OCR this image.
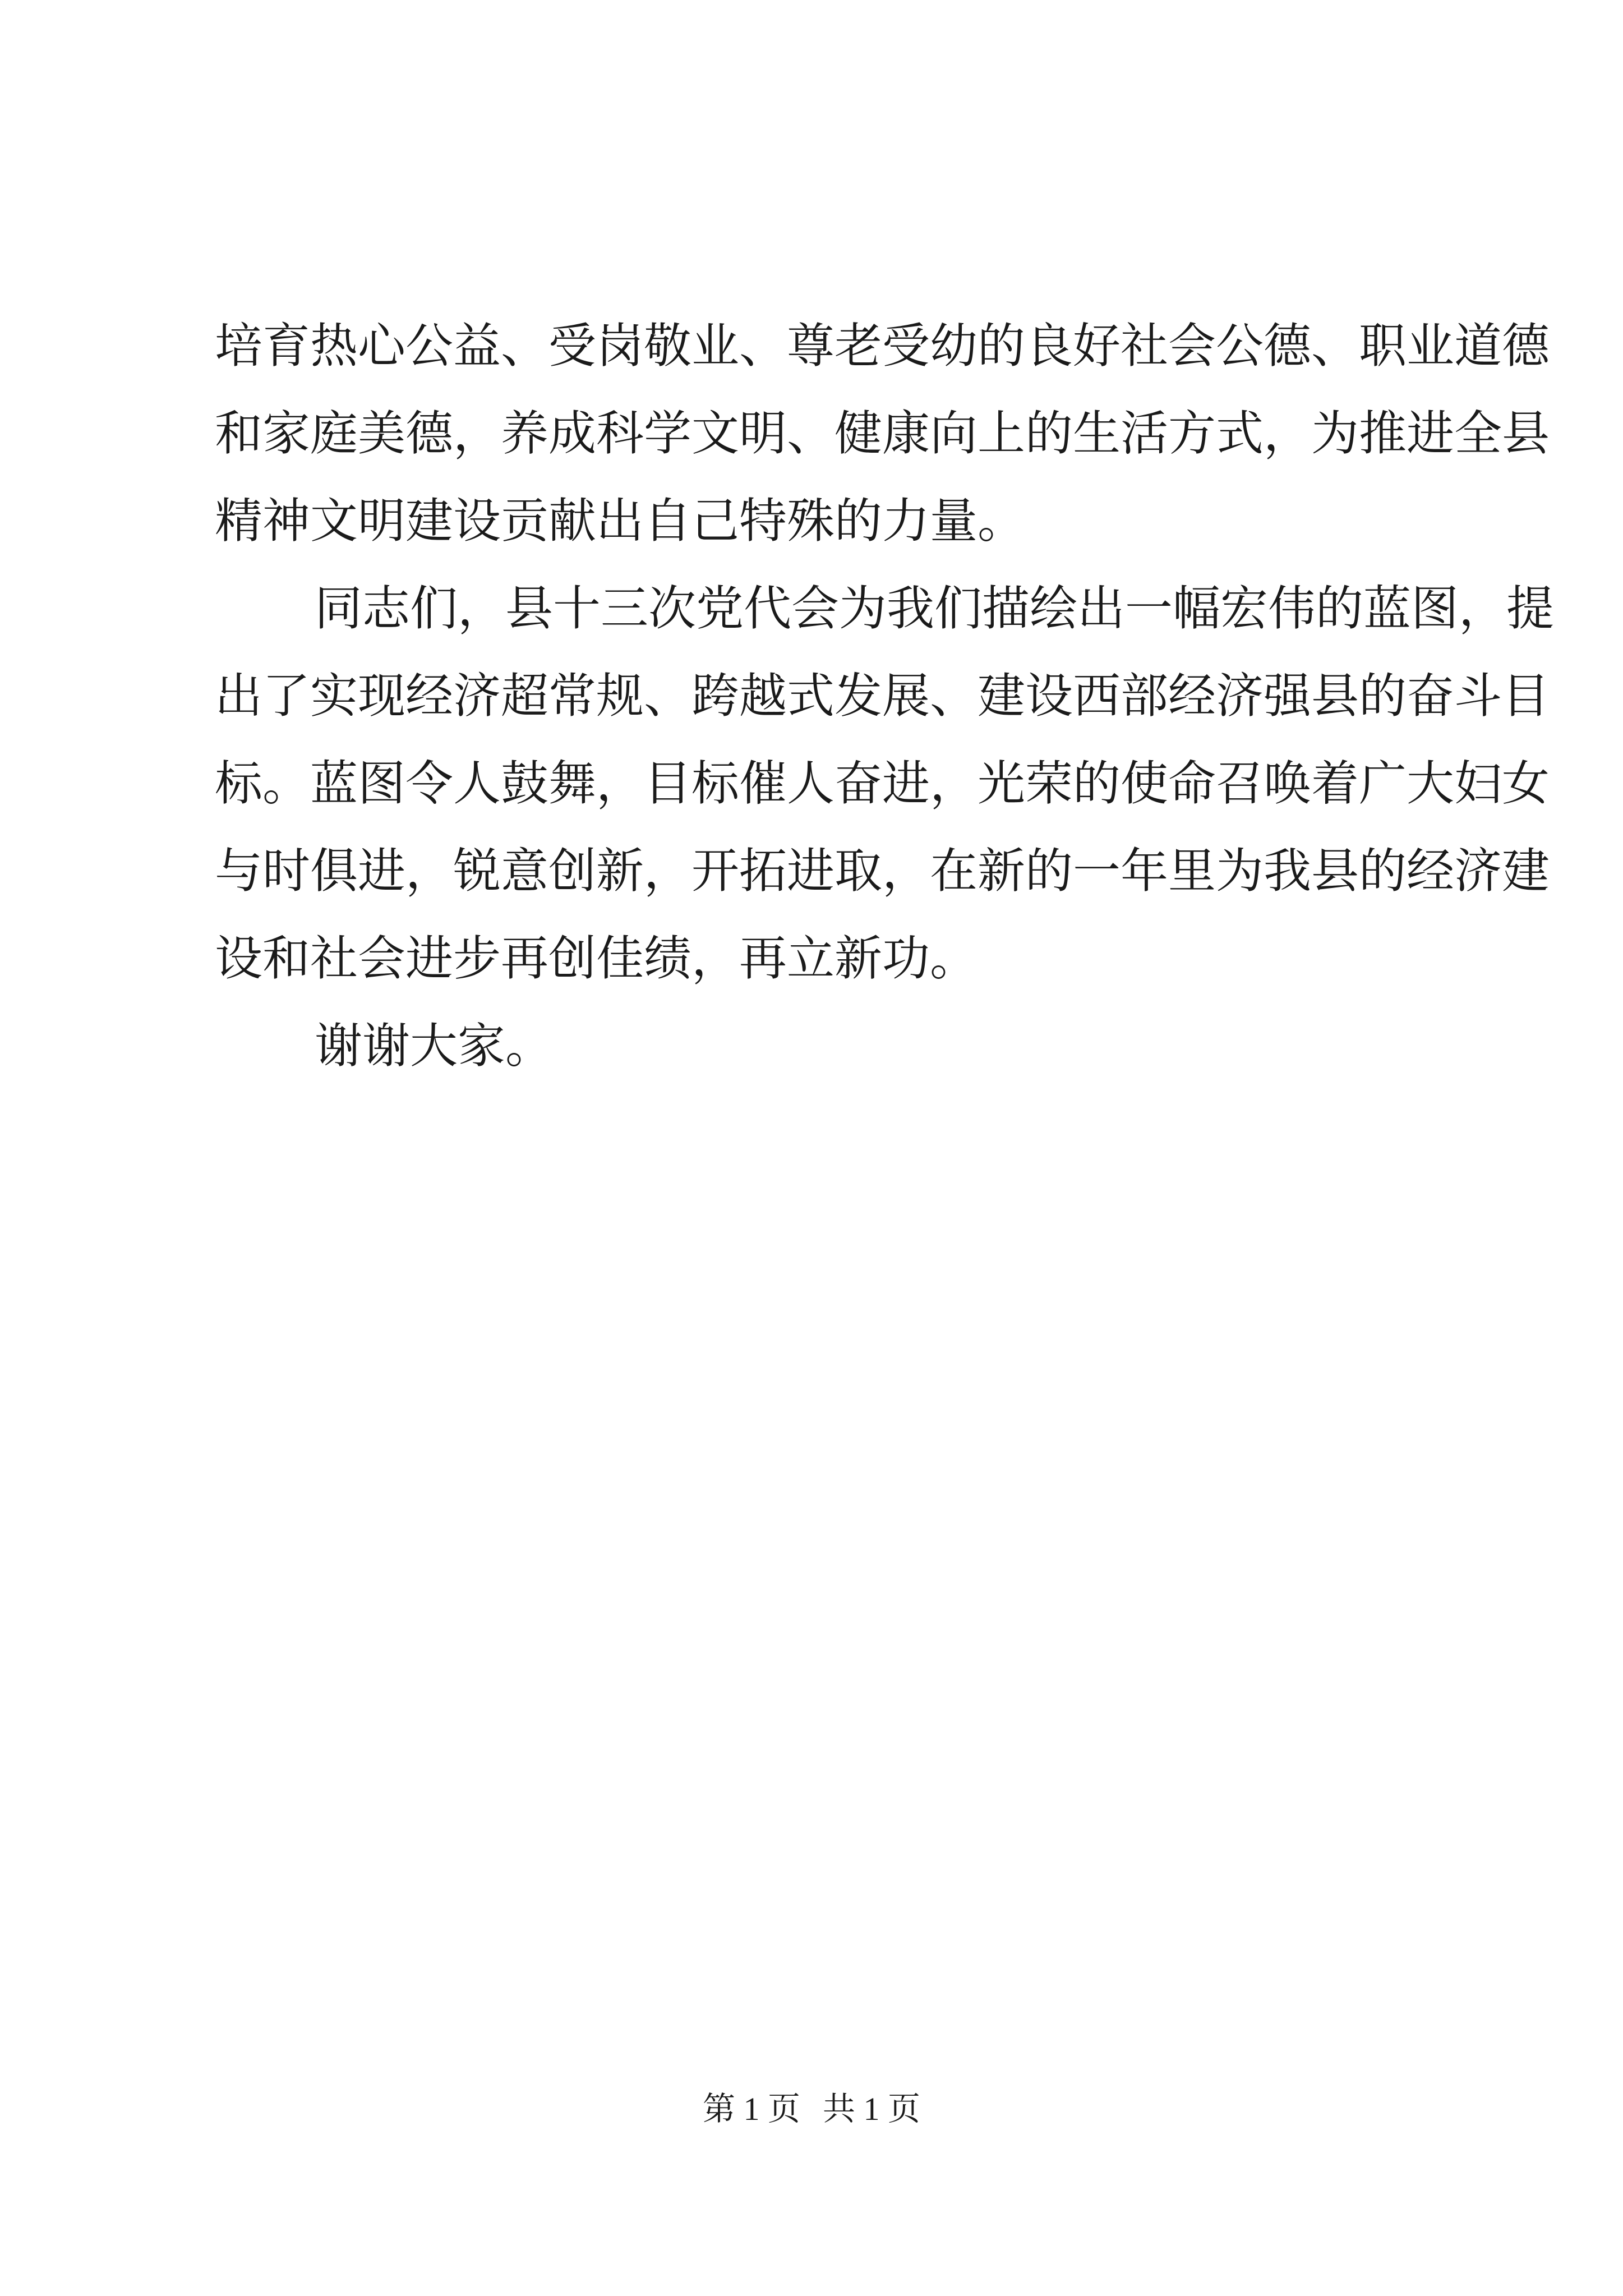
培育热心公益、受岗敬业、尊老受幼的良好社会公德、职业道德
和家庭美德，养成科学文明、健康向上的生活方式，为推进全县
精神文明建设贡献出自己特殊的力量。
同志们，县十三次党代会为我们描绘出一幅宏伟的蓝图，提
出了实现经济超常规、跨越式发展、建设西部经济强县的奋斗目
标。蓝图令人鼓舞，目标催人奋进，光荣的使命召唤着广大妇女
与时俱进，锐意创新，开拓进取，在新的一年里为我县的经济建
设和社会进步再创佳绩，再立新功。
谢谢大家。
第 1 页 共 1 页
